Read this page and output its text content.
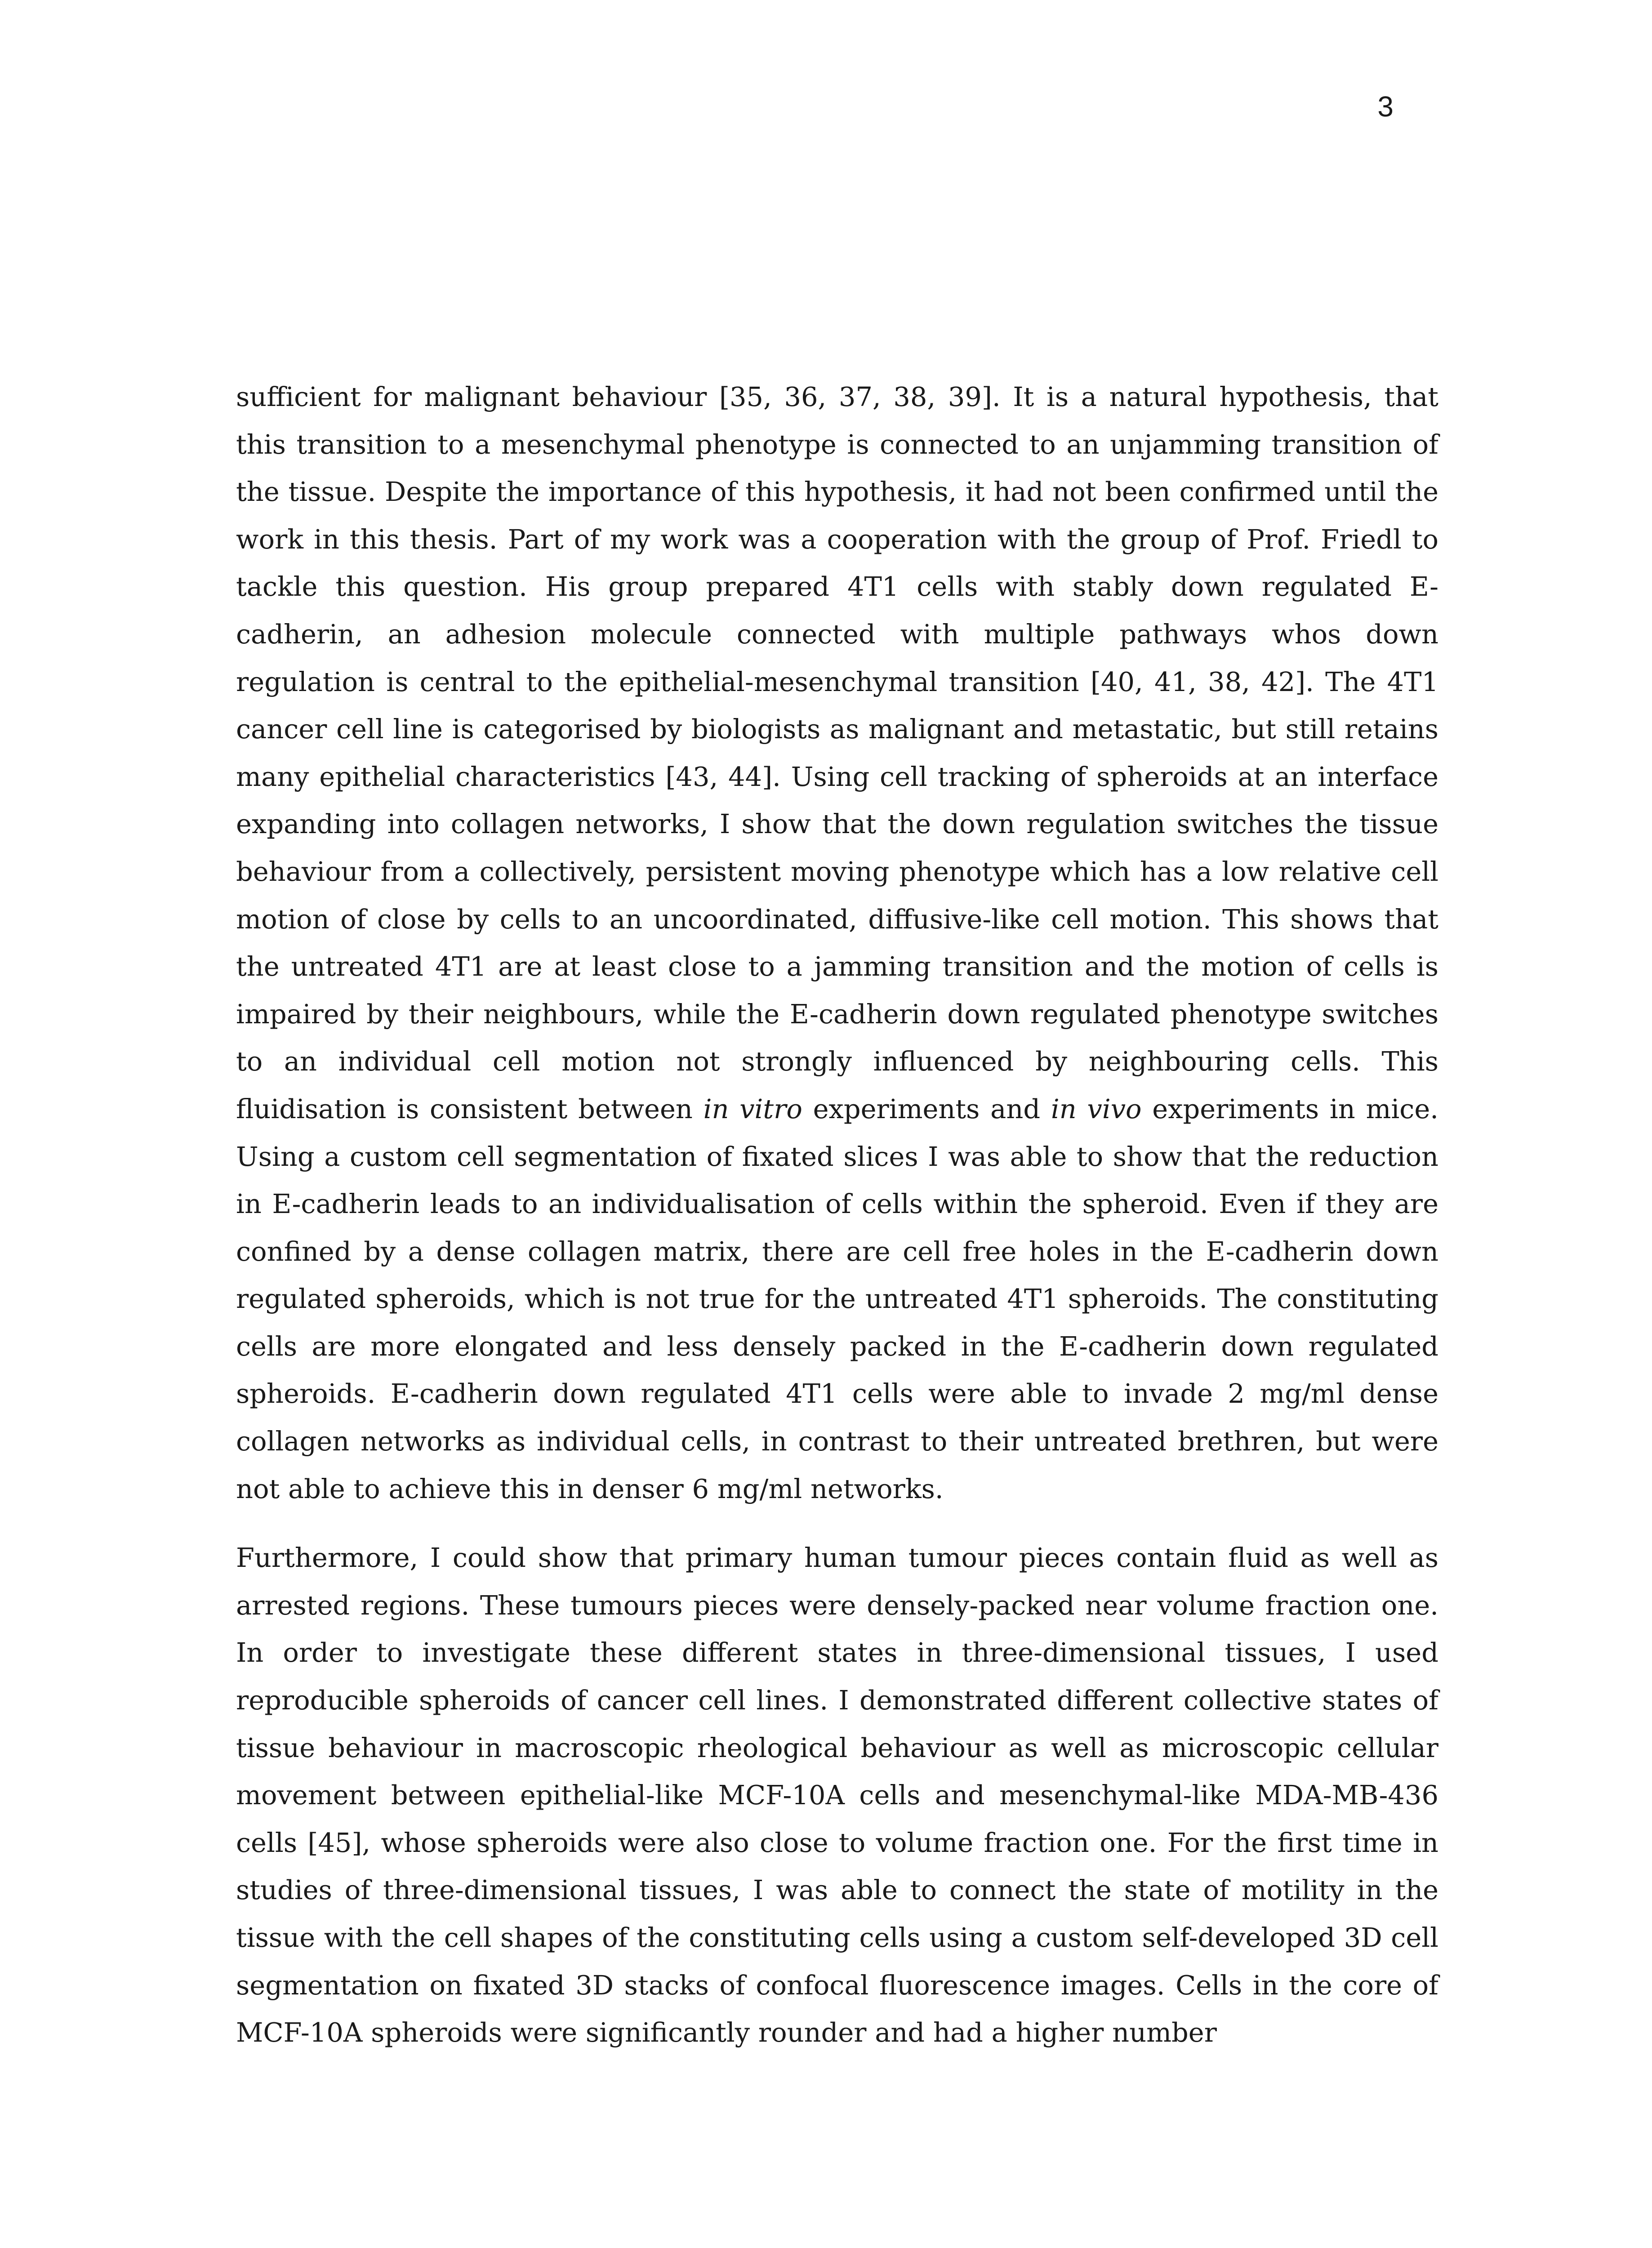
3

sufficient for malignant behaviour [35, 36, 37, 38, 39]. It is a natural hypothesis, that this transition to a mesenchymal phenotype is connected to an unjamming transition of the tissue. Despite the importance of this hypothesis, it had not been confirmed until the work in this thesis. Part of my work was a cooperation with the group of Prof. Friedl to tackle this question. His group prepared 4T1 cells with stably down regulated E-cadherin, an adhesion molecule connected with multiple pathways whos down regulation is central to the epithelial-mesenchymal transition [40, 41, 38, 42]. The 4T1 cancer cell line is categorised by biologists as malignant and metastatic, but still retains many epithelial characteristics [43, 44]. Using cell tracking of spheroids at an interface expanding into collagen networks, I show that the down regulation switches the tissue behaviour from a collectively, persistent moving phenotype which has a low relative cell motion of close by cells to an uncoordinated, diffusive-like cell motion. This shows that the untreated 4T1 are at least close to a jamming transition and the motion of cells is impaired by their neighbours, while the E-cadherin down regulated phenotype switches to an individual cell motion not strongly influenced by neighbouring cells. This fluidisation is consistent between in vitro experiments and in vivo experiments in mice. Using a custom cell segmentation of fixated slices I was able to show that the reduction in E-cadherin leads to an individualisation of cells within the spheroid. Even if they are confined by a dense collagen matrix, there are cell free holes in the E-cadherin down regulated spheroids, which is not true for the untreated 4T1 spheroids. The constituting cells are more elongated and less densely packed in the E-cadherin down regulated spheroids. E-cadherin down regulated 4T1 cells were able to invade 2 mg/ml dense collagen networks as individual cells, in contrast to their untreated brethren, but were not able to achieve this in denser 6 mg/ml networks.

Furthermore, I could show that primary human tumour pieces contain fluid as well as arrested regions. These tumours pieces were densely-packed near volume fraction one. In order to investigate these different states in three-dimensional tissues, I used reproducible spheroids of cancer cell lines. I demonstrated different collective states of tissue behaviour in macroscopic rheological behaviour as well as microscopic cellular movement between epithelial-like MCF-10A cells and mesenchymal-like MDA-MB-436 cells [45], whose spheroids were also close to volume fraction one. For the first time in studies of three-dimensional tissues, I was able to connect the state of motility in the tissue with the cell shapes of the constituting cells using a custom self-developed 3D cell segmentation on fixated 3D stacks of confocal fluorescence images. Cells in the core of MCF-10A spheroids were significantly rounder and had a higher number
